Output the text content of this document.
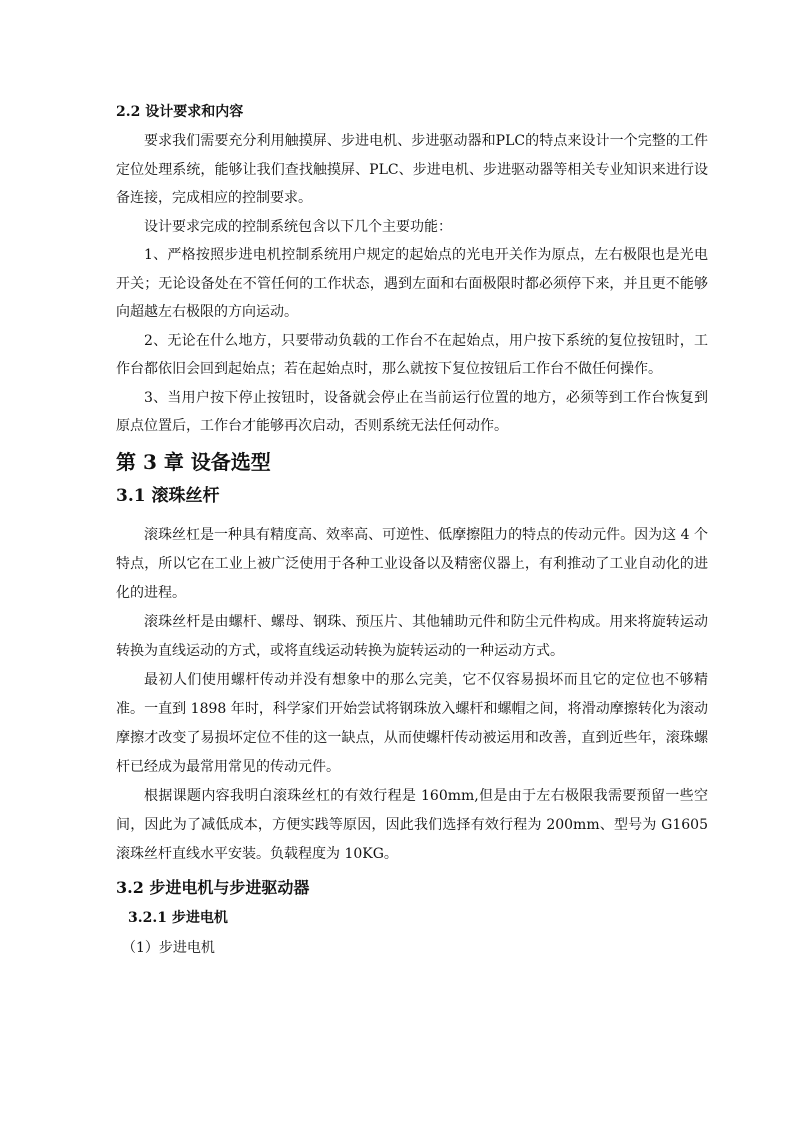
2.2 设计要求和内容

要求我们需要充分利用触摸屏、步进电机、步进驱动器和PLC的特点来设计一个完整的工件定位处理系统，能够让我们查找触摸屏、PLC、步进电机、步进驱动器等相关专业知识来进行设备连接，完成相应的控制要求。

设计要求完成的控制系统包含以下几个主要功能：

1、严格按照步进电机控制系统用户规定的起始点的光电开关作为原点，左右极限也是光电开关；无论设备处在不管任何的工作状态，遇到左面和右面极限时都必须停下来，并且更不能够向超越左右极限的方向运动。

2、无论在什么地方，只要带动负载的工作台不在起始点，用户按下系统的复位按钮时，工作台都依旧会回到起始点；若在起始点时，那么就按下复位按钮后工作台不做任何操作。

3、当用户按下停止按钮时，设备就会停止在当前运行位置的地方，必须等到工作台恢复到原点位置后，工作台才能够再次启动，否则系统无法任何动作。

第 3 章 设备选型
3.1 滚珠丝杆

滚珠丝杠是一种具有精度高、效率高、可逆性、低摩擦阻力的特点的传动元件。因为这 4 个特点，所以它在工业上被广泛使用于各种工业设备以及精密仪器上，有利推动了工业自动化的进化的进程。

滚珠丝杆是由螺杆、螺母、钢珠、预压片、其他辅助元件和防尘元件构成。用来将旋转运动转换为直线运动的方式，或将直线运动转换为旋转运动的一种运动方式。

最初人们使用螺杆传动并没有想象中的那么完美，它不仅容易损坏而且它的定位也不够精准。一直到 1898 年时，科学家们开始尝试将钢珠放入螺杆和螺帽之间，将滑动摩擦转化为滚动摩擦才改变了易损坏定位不佳的这一缺点，从而使螺杆传动被运用和改善，直到近些年，滚珠螺杆已经成为最常用常见的传动元件。

根据课题内容我明白滚珠丝杠的有效行程是 160mm,但是由于左右极限我需要预留一些空间，因此为了减低成本，方便实践等原因，因此我们选择有效行程为 200mm、型号为 G1605 滚珠丝杆直线水平安装。负载程度为 10KG。

3.2 步进电机与步进驱动器
3.2.1 步进电机

（1）步进电机
